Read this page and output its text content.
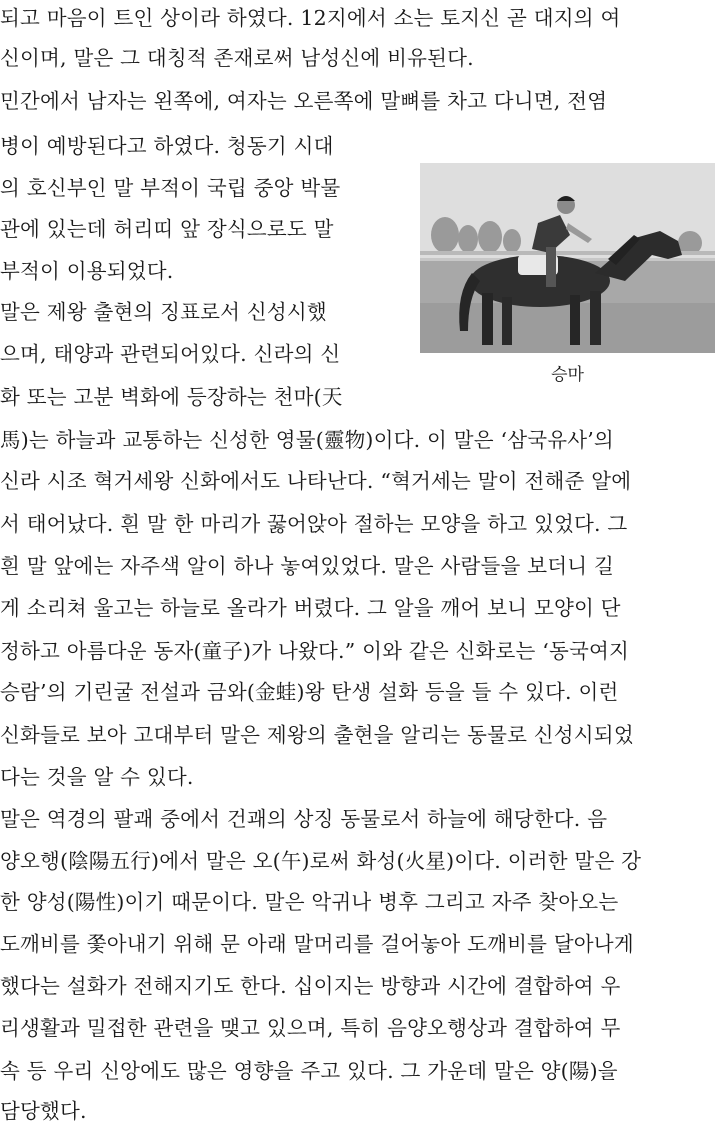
되고 마음이 트인 상이라 하였다. 12지에서 소는 토지신 곧 대지의 여
신이며, 말은 그 대칭적 존재로써 남성신에 비유된다.
민간에서 남자는 왼쪽에, 여자는 오른쪽에 말뼈를 차고 다니면, 전염
병이 예방된다고 하였다. 청동기 시대
의 호신부인 말 부적이 국립 중앙 박물
관에 있는데 허리띠 앞 장식으로도 말
부적이 이용되었다.
말은 제왕 출현의 징표로서 신성시했
으며, 태양과 관련되어있다. 신라의 신
화 또는 고분 벽화에 등장하는 천마(天
馬)는 하늘과 교통하는 신성한 영물(靈物)이다. 이 말은 ‘삼국유사’의
신라 시조 혁거세왕 신화에서도 나타난다. “혁거세는 말이 전해준 알에
서 태어났다. 흰 말 한 마리가 꿇어앉아 절하는 모양을 하고 있었다. 그
흰 말 앞에는 자주색 알이 하나 놓여있었다. 말은 사람들을 보더니 길
게 소리쳐 울고는 하늘로 올라가 버렸다. 그 알을 깨어 보니 모양이 단
정하고 아름다운 동자(童子)가 나왔다.” 이와 같은 신화로는 ‘동국여지
승람’의 기린굴 전설과 금와(金蛙)왕 탄생 설화 등을 들 수 있다. 이런
신화들로 보아 고대부터 말은 제왕의 출현을 알리는 동물로 신성시되었
다는 것을 알 수 있다.
말은 역경의 팔괘 중에서 건괘의 상징 동물로서 하늘에 해당한다. 음
양오행(陰陽五行)에서 말은 오(午)로써 화성(火星)이다. 이러한 말은 강
한 양성(陽性)이기 때문이다. 말은 악귀나 병후 그리고 자주 찾아오는
도깨비를 쫓아내기 위해 문 아래 말머리를 걸어놓아 도깨비를 달아나게
했다는 설화가 전해지기도 한다. 십이지는 방향과 시간에 결합하여 우
리생활과 밀접한 관련을 맺고 있으며, 특히 음양오행상과 결합하여 무
속 등 우리 신앙에도 많은 영향을 주고 있다. 그 가운데 말은 양(陽)을
담당했다.
승마
